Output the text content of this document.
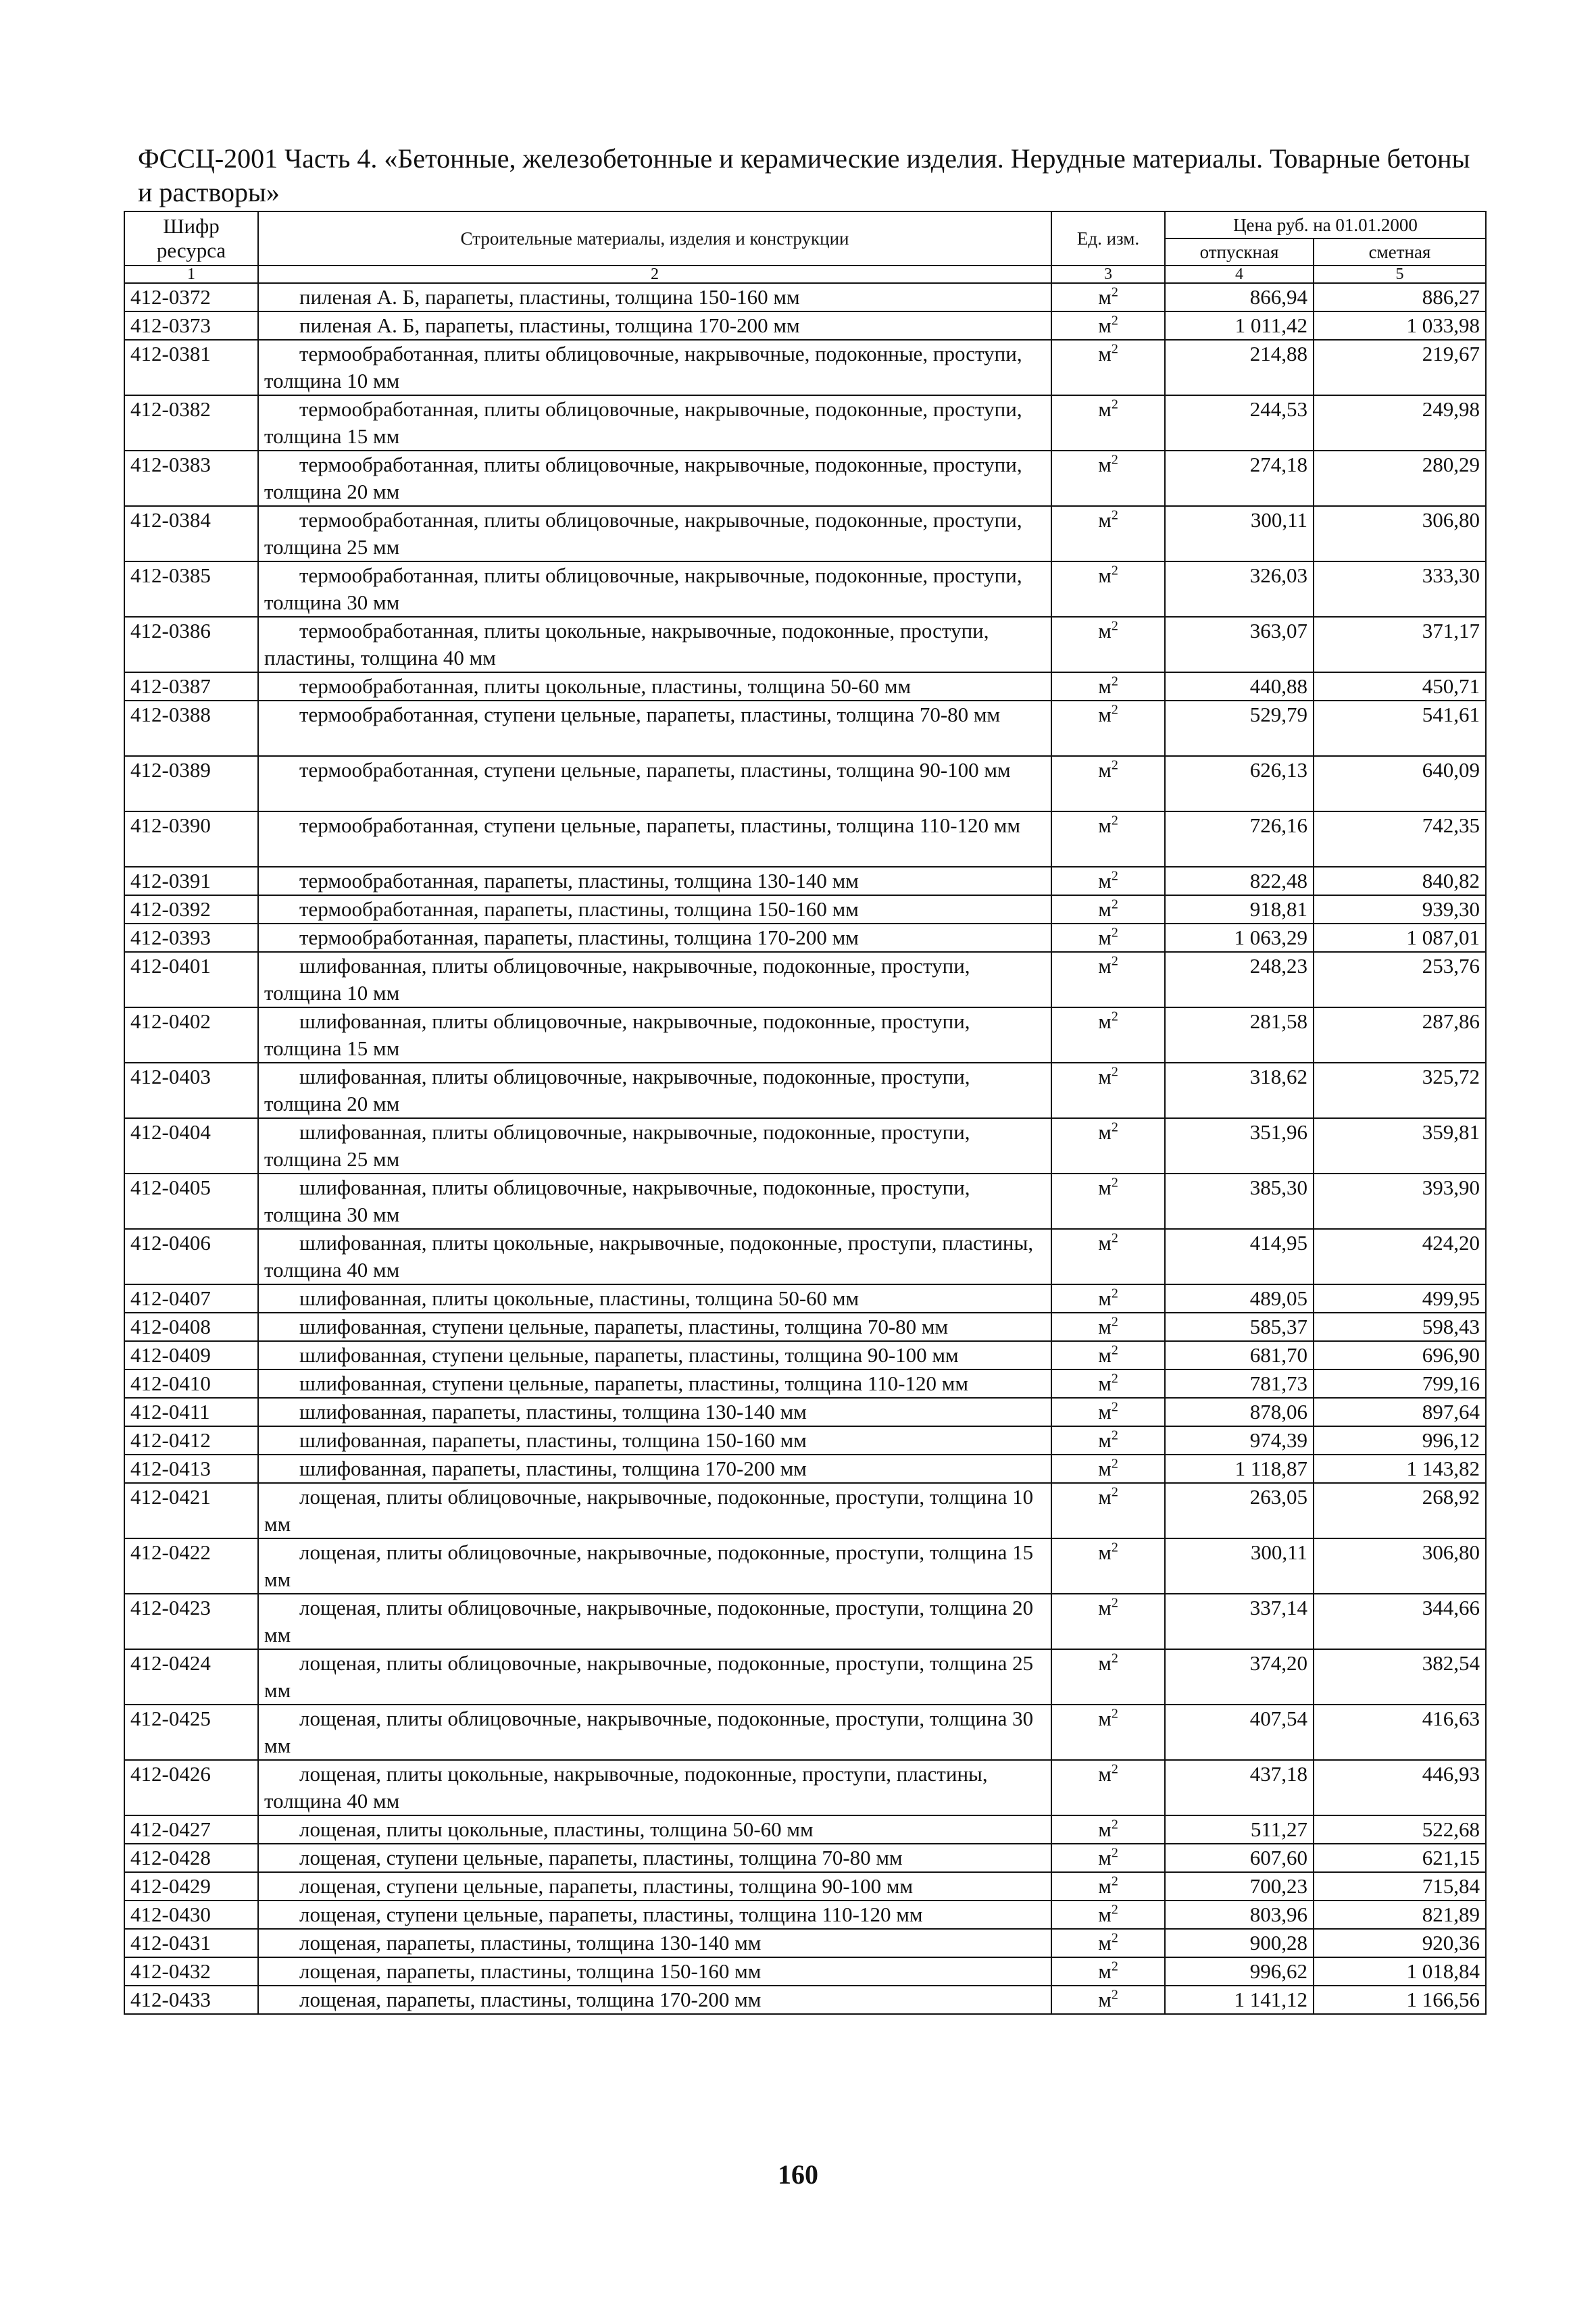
ФССЦ-2001 Часть 4. «Бетонные, железобетонные и керамические изделия. Нерудные материалы. Товарные бетоны и растворы»
Шифр ресурса	Строительные материалы, изделия и конструкции	Ед. изм.	Цена руб. на 01.01.2000	
			отпускная	сметная
1	2	3	4	5
412-0372	пиленая А. Б, парапеты, пластины, толщина 150-160 мм	$м^2$	866,94	886,27
412-0373	пиленая А. Б, парапеты, пластины, толщина 170-200 мм	$м^2$	1 011,42	1 033,98
412-0381	термообработанная, плиты облицовочные, накрывочные, подоконные, проступи, толщина 10 мм	$м^2$	214,88	219,67
412-0382	термообработанная, плиты облицовочные, накрывочные, подоконные, проступи, толщина 15 мм	$м^2$	244,53	249,98
412-0383	термообработанная, плиты облицовочные, накрывочные, подоконные, проступи, толщина 20 мм	$м^2$	274,18	280,29
412-0384	термообработанная, плиты облицовочные, накрывочные, подоконные, проступи, толщина 25 мм	$м^2$	300,11	306,80
412-0385	термообработанная, плиты облицовочные, накрывочные, подоконные, проступи, толщина 30 мм	$м^2$	326,03	333,30
412-0386	термообработанная, плиты цокольные, накрывочные, подоконные, проступи, пластины, толщина 40 мм	$м^2$	363,07	371,17
412-0387	термообработанная, плиты цокольные, пластины, толщина 50-60 мм	$м^2$	440,88	450,71
412-0388	термообработанная, ступени цельные, парапеты, пластины, толщина 70-80 мм	$м^2$	529,79	541,61
412-0389	термообработанная, ступени цельные, парапеты, пластины, толщина 90-100 мм	$м^2$	626,13	640,09
412-0390	термообработанная, ступени цельные, парапеты, пластины, толщина 110-120 мм	$м^2$	726,16	742,35
412-0391	термообработанная, парапеты, пластины, толщина 130-140 мм	$м^2$	822,48	840,82
412-0392	термообработанная, парапеты, пластины, толщина 150-160 мм	$м^2$	918,81	939,30
412-0393	термообработанная, парапеты, пластины, толщина 170-200 мм	$м^2$	1 063,29	1 087,01
412-0401	шлифованная, плиты облицовочные, накрывочные, подоконные, проступи, толщина 10 мм	$м^2$	248,23	253,76
412-0402	шлифованная, плиты облицовочные, накрывочные, подоконные, проступи, толщина 15 мм	$м^2$	281,58	287,86
412-0403	шлифованная, плиты облицовочные, накрывочные, подоконные, проступи, толщина 20 мм	$м^2$	318,62	325,72
412-0404	шлифованная, плиты облицовочные, накрывочные, подоконные, проступи, толщина 25 мм	$м^2$	351,96	359,81
412-0405	шлифованная, плиты облицовочные, накрывочные, подоконные, проступи, толщина 30 мм	$м^2$	385,30	393,90
412-0406	шлифованная, плиты цокольные, накрывочные, подоконные, проступи, пластины, толщина 40 мм	$м^2$	414,95	424,20
412-0407	шлифованная, плиты цокольные, пластины, толщина 50-60 мм	$м^2$	489,05	499,95
412-0408	шлифованная, ступени цельные, парапеты, пластины, толщина 70-80 мм	$м^2$	585,37	598,43
412-0409	шлифованная, ступени цельные, парапеты, пластины, толщина 90-100 мм	$м^2$	681,70	696,90
412-0410	шлифованная, ступени цельные, парапеты, пластины, толщина 110-120 мм	$м^2$	781,73	799,16
412-0411	шлифованная, парапеты, пластины, толщина 130-140 мм	$м^2$	878,06	897,64
412-0412	шлифованная, парапеты, пластины, толщина 150-160 мм	$м^2$	974,39	996,12
412-0413	шлифованная, парапеты, пластины, толщина 170-200 мм	$м^2$	1 118,87	1 143,82
412-0421	лощеная, плиты облицовочные, накрывочные, подоконные, проступи, толщина 10 мм	$м^2$	263,05	268,92
412-0422	лощеная, плиты облицовочные, накрывочные, подоконные, проступи, толщина 15 мм	$м^2$	300,11	306,80
412-0423	лощеная, плиты облицовочные, накрывочные, подоконные, проступи, толщина 20 мм	$м^2$	337,14	344,66
412-0424	лощеная, плиты облицовочные, накрывочные, подоконные, проступи, толщина 25 мм	$м^2$	374,20	382,54
412-0425	лощеная, плиты облицовочные, накрывочные, подоконные, проступи, толщина 30 мм	$м^2$	407,54	416,63
412-0426	лощеная, плиты цокольные, накрывочные, подоконные, проступи, пластины, толщина 40 мм	$м^2$	437,18	446,93
412-0427	лощеная, плиты цокольные, пластины, толщина 50-60 мм	$м^2$	511,27	522,68
412-0428	лощеная, ступени цельные, парапеты, пластины, толщина 70-80 мм	$м^2$	607,60	621,15
412-0429	лощеная, ступени цельные, парапеты, пластины, толщина 90-100 мм	$м^2$	700,23	715,84
412-0430	лощеная, ступени цельные, парапеты, пластины, толщина 110-120 мм	$м^2$	803,96	821,89
412-0431	лощеная, парапеты, пластины, толщина 130-140 мм	$м^2$	900,28	920,36
412-0432	лощеная, парапеты, пластины, толщина 150-160 мм	$м^2$	996,62	1 018,84
412-0433	лощеная, парапеты, пластины, толщина 170-200 мм	$м^2$	1 141,12	1 166,56
160
